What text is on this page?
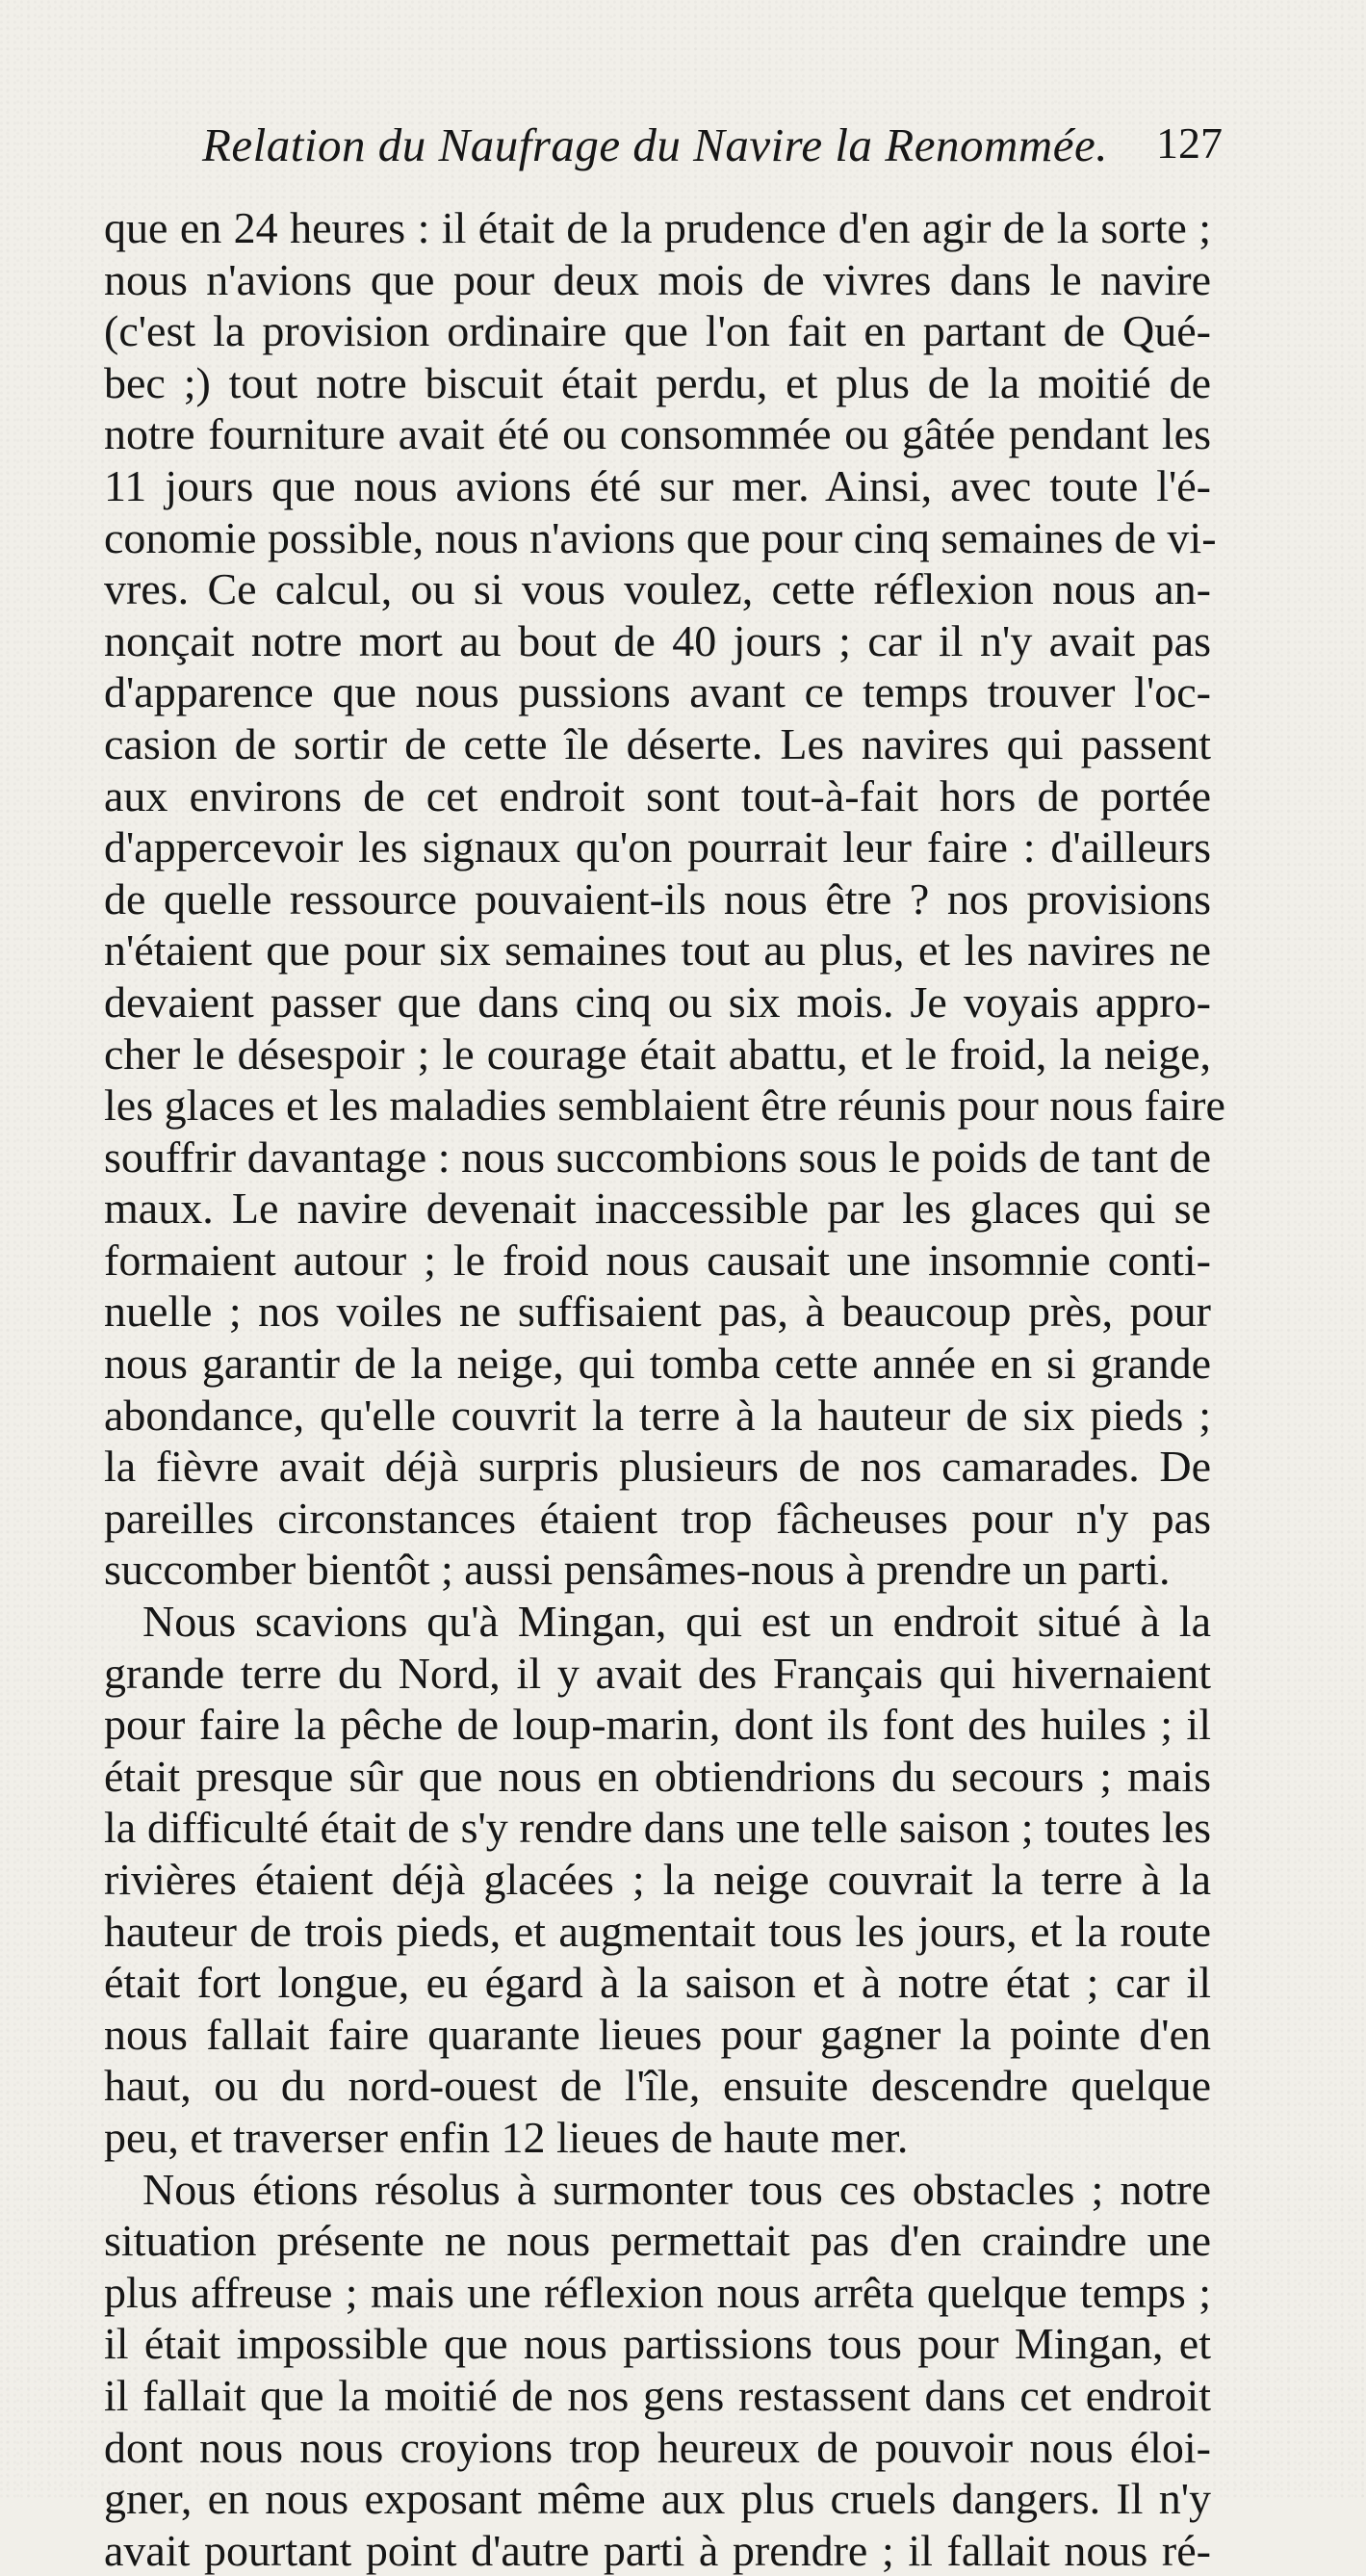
Relation du Naufrage du Navire la Renommée. 127
que en 24 heures : il était de la prudence d'en agir de la sorte ;
nous n'avions que pour deux mois de vivres dans le navire
(c'est la provision ordinaire que l'on fait en partant de Qué-
bec ;) tout notre biscuit était perdu, et plus de la moitié de
notre fourniture avait été ou consommée ou gâtée pendant les
11 jours que nous avions été sur mer. Ainsi, avec toute l'é-
conomie possible, nous n'avions que pour cinq semaines de vi-
vres. Ce calcul, ou si vous voulez, cette réflexion nous an-
nonçait notre mort au bout de 40 jours ; car il n'y avait pas
d'apparence que nous pussions avant ce temps trouver l'oc-
casion de sortir de cette île déserte. Les navires qui passent
aux environs de cet endroit sont tout-à-fait hors de portée
d'appercevoir les signaux qu'on pourrait leur faire : d'ailleurs
de quelle ressource pouvaient-ils nous être ? nos provisions
n'étaient que pour six semaines tout au plus, et les navires ne
devaient passer que dans cinq ou six mois. Je voyais appro-
cher le désespoir ; le courage était abattu, et le froid, la neige,
les glaces et les maladies semblaient être réunis pour nous faire
souffrir davantage : nous succombions sous le poids de tant de
maux. Le navire devenait inaccessible par les glaces qui se
formaient autour ; le froid nous causait une insomnie conti-
nuelle ; nos voiles ne suffisaient pas, à beaucoup près, pour
nous garantir de la neige, qui tomba cette année en si grande
abondance, qu'elle couvrit la terre à la hauteur de six pieds ;
la fièvre avait déjà surpris plusieurs de nos camarades. De
pareilles circonstances étaient trop fâcheuses pour n'y pas
succomber bientôt ; aussi pensâmes-nous à prendre un parti.
Nous scavions qu'à Mingan, qui est un endroit situé à la
grande terre du Nord, il y avait des Français qui hivernaient
pour faire la pêche de loup-marin, dont ils font des huiles ; il
était presque sûr que nous en obtiendrions du secours ; mais
la difficulté était de s'y rendre dans une telle saison ; toutes les
rivières étaient déjà glacées ; la neige couvrait la terre à la
hauteur de trois pieds, et augmentait tous les jours, et la route
était fort longue, eu égard à la saison et à notre état ; car il
nous fallait faire quarante lieues pour gagner la pointe d'en
haut, ou du nord-ouest de l'île, ensuite descendre quelque
peu, et traverser enfin 12 lieues de haute mer.
Nous étions résolus à surmonter tous ces obstacles ; notre
situation présente ne nous permettait pas d'en craindre une
plus affreuse ; mais une réflexion nous arrêta quelque temps ;
il était impossible que nous partissions tous pour Mingan, et
il fallait que la moitié de nos gens restassent dans cet endroit
dont nous nous croyions trop heureux de pouvoir nous éloi-
gner, en nous exposant même aux plus cruels dangers. Il n'y
avait pourtant point d'autre parti à prendre ; il fallait nous ré-
